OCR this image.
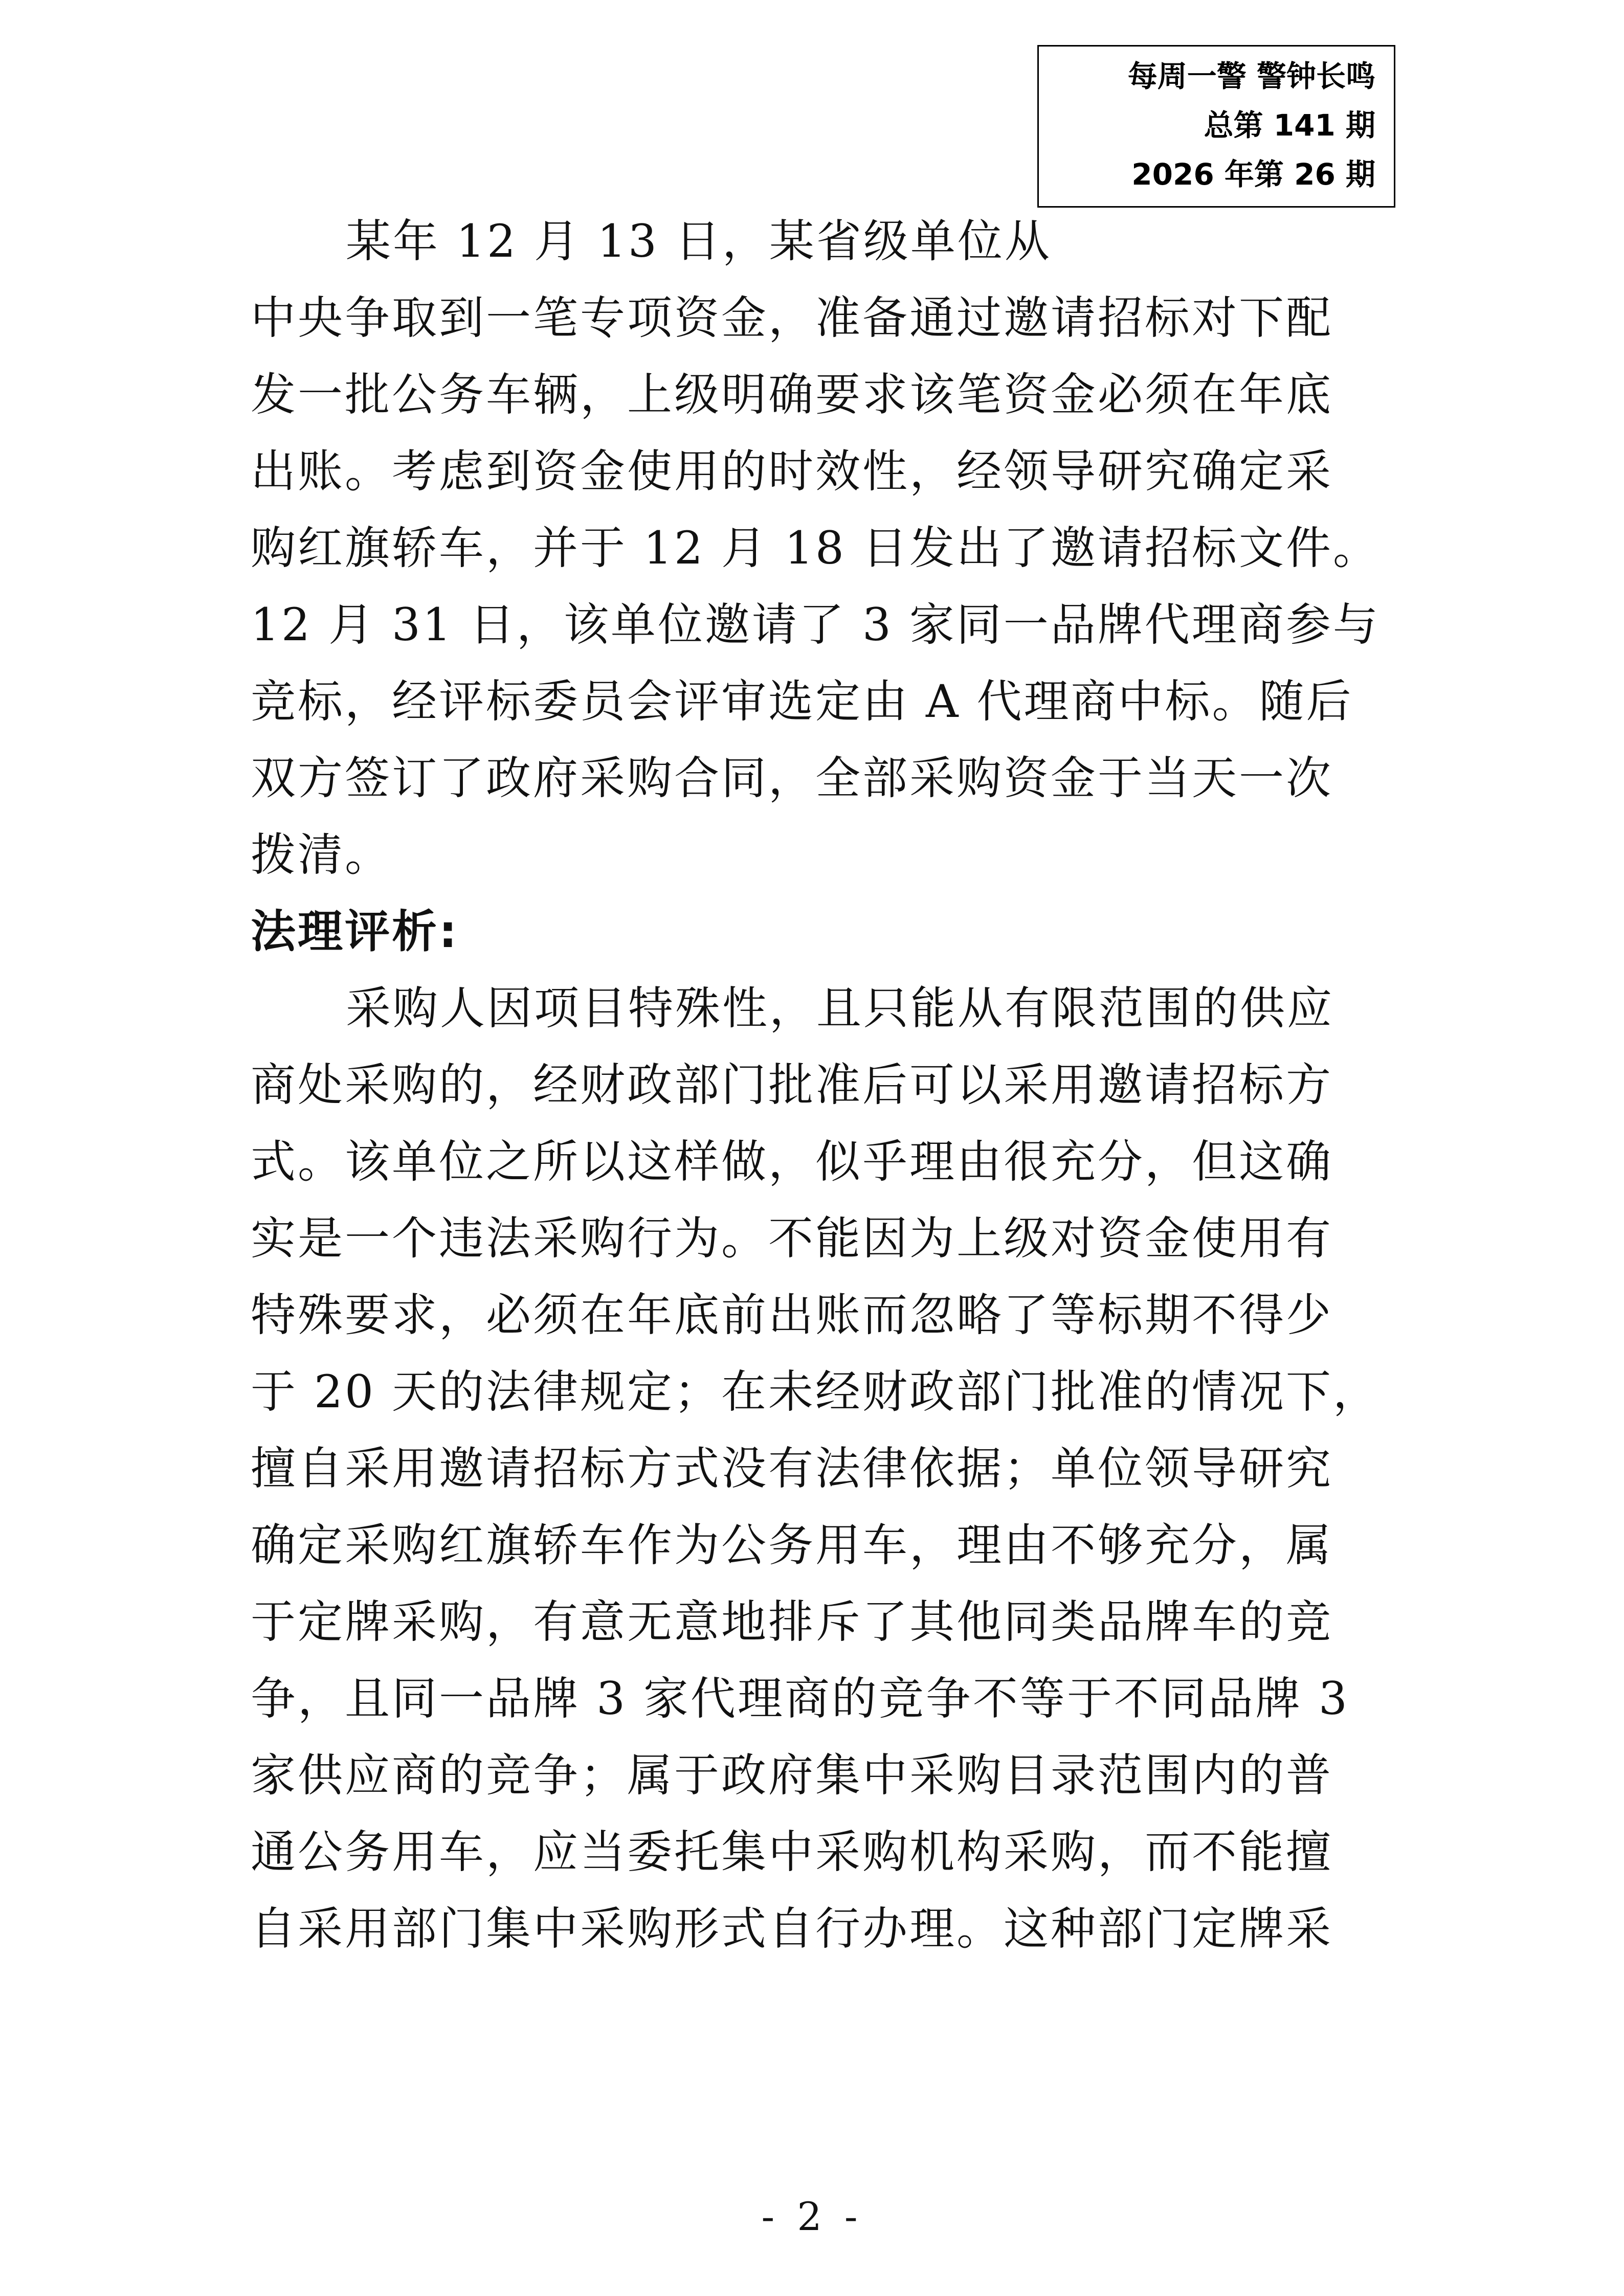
每周一警 警钟长鸣
总第 141 期
2026 年第 26 期
某年 12 月 13 日，某省级单位从
中央争取到一笔专项资金，准备通过邀请招标对下配
发一批公务车辆，上级明确要求该笔资金必须在年底
出账。考虑到资金使用的时效性，经领导研究确定采
购红旗轿车，并于 12 月 18 日发出了邀请招标文件。
12 月 31 日，该单位邀请了 3 家同一品牌代理商参与
竞标，经评标委员会评审选定由 A 代理商中标。随后
双方签订了政府采购合同，全部采购资金于当天一次
拨清。
法理评析:
采购人因项目特殊性，且只能从有限范围的供应
商处采购的，经财政部门批准后可以采用邀请招标方
式。该单位之所以这样做，似乎理由很充分，但这确
实是一个违法采购行为。不能因为上级对资金使用有
特殊要求，必须在年底前出账而忽略了等标期不得少
于 20 天的法律规定；在未经财政部门批准的情况下，
擅自采用邀请招标方式没有法律依据；单位领导研究
确定采购红旗轿车作为公务用车，理由不够充分，属
于定牌采购，有意无意地排斥了其他同类品牌车的竞
争，且同一品牌 3 家代理商的竞争不等于不同品牌 3
家供应商的竞争；属于政府集中采购目录范围内的普
通公务用车，应当委托集中采购机构采购，而不能擅
自采用部门集中采购形式自行办理。这种部门定牌采
- 2 -
